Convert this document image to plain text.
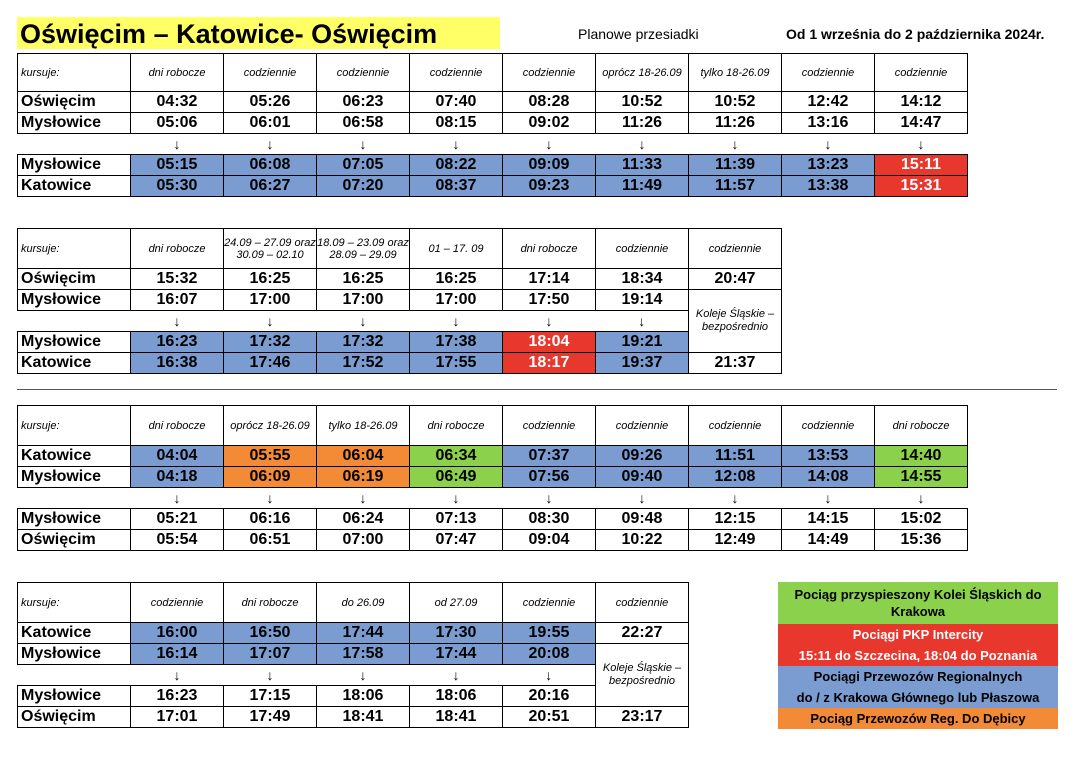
Oświęcim – Katowice- Oświęcim	Planowe przesiadki	Od 1 września do 2 października 2024r.
kursuje:	dni robocze	codziennie	codziennie	codziennie	codziennie	oprócz 18-26.09	tylko 18-26.09	codziennie	codziennie
Oświęcim	04:32	05:26	06:23	07:40	08:28	10:52	10:52	12:42	14:12
Mysłowice	05:06	06:01	06:58	08:15	09:02	11:26	11:26	13:16	14:47
	↓	↓	↓	↓	↓	↓	↓	↓	↓
Mysłowice	05:15	06:08	07:05	08:22	09:09	11:33	11:39	13:23	15:11
Katowice	05:30	06:27	07:20	08:37	09:23	11:49	11:57	13:38	15:31
kursuje:	dni robocze	24.09 – 27.09 oraz 30.09 – 02.10	18.09 – 23.09 oraz 28.09 – 29.09	01 – 17. 09	dni robocze	codziennie	codziennie
Oświęcim	15:32	16:25	16:25	16:25	17:14	18:34	20:47
Mysłowice	16:07	17:00	17:00	17:00	17:50	19:14	Koleje Śląskie – bezpośrednio
	↓	↓	↓	↓	↓	↓	
Mysłowice	16:23	17:32	17:32	17:38	18:04	19:21	
Katowice	16:38	17:46	17:52	17:55	18:17	19:37	21:37
kursuje:	dni robocze	oprócz 18-26.09	tylko 18-26.09	dni robocze	codziennie	codziennie	codziennie	codziennie	dni robocze
Katowice	04:04	05:55	06:04	06:34	07:37	09:26	11:51	13:53	14:40
Mysłowice	04:18	06:09	06:19	06:49	07:56	09:40	12:08	14:08	14:55
	↓	↓	↓	↓	↓	↓	↓	↓	↓
Mysłowice	05:21	06:16	06:24	07:13	08:30	09:48	12:15	14:15	15:02
Oświęcim	05:54	06:51	07:00	07:47	09:04	10:22	12:49	14:49	15:36
kursuje:	codziennie	dni robocze	do 26.09	od 27.09	codziennie	codziennie
Katowice	16:00	16:50	17:44	17:30	19:55	22:27
Mysłowice	16:14	17:07	17:58	17:44	20:08	Koleje Śląskie – bezpośrednio
	↓	↓	↓	↓	↓	
Mysłowice	16:23	17:15	18:06	18:06	20:16	
Oświęcim	17:01	17:49	18:41	18:41	20:51	23:17
Pociąg przyspieszony Kolei Śląskich do Krakowa
Pociągi PKP Intercity
15:11 do Szczecina, 18:04 do Poznania
Pociągi Przewozów Regionalnych
do / z Krakowa Głównego lub Płaszowa
Pociąg Przewozów Reg. Do Dębicy
